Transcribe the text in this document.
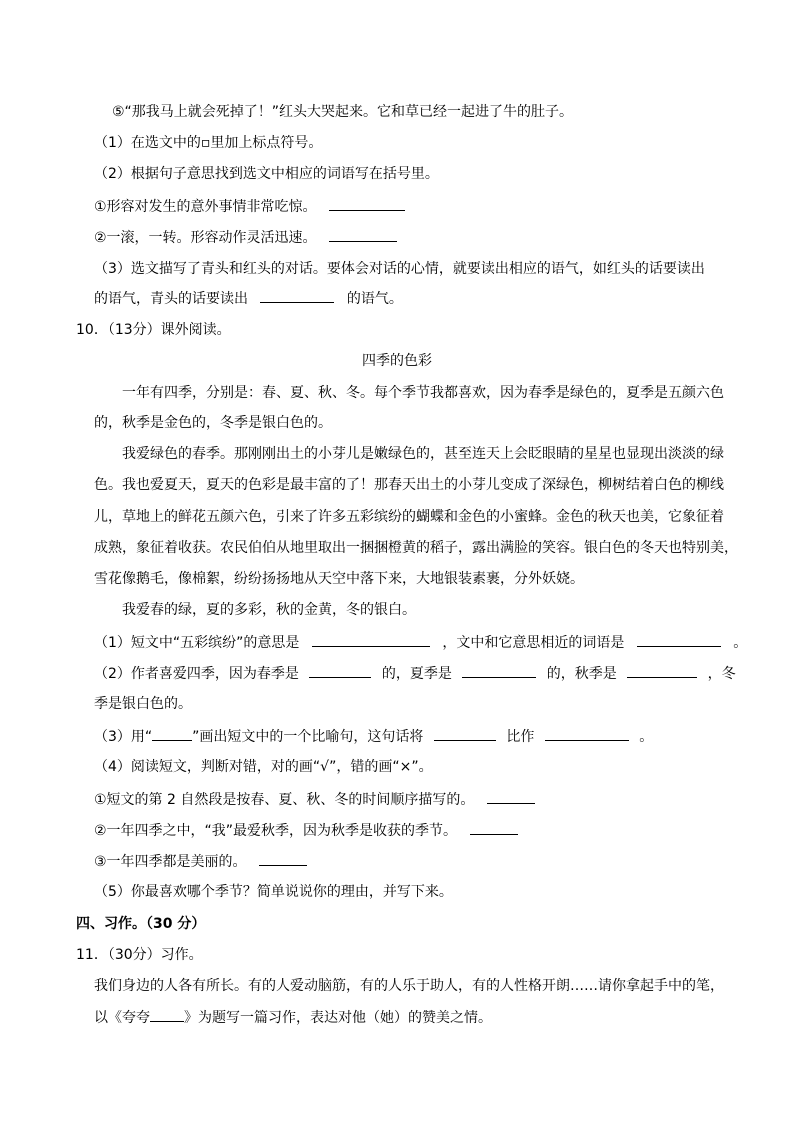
⑤“那我马上就会死掉了！”红头大哭起来。它和草已经一起进了牛的肚子。
（1）在选文中的▫里加上标点符号。
（2）根据句子意思找到选文中相应的词语写在括号里。
①形容对发生的意外事情非常吃惊。
②一滚，一转。形容动作灵活迅速。
（3）选文描写了青头和红头的对话。要体会对话的心情，就要读出相应的语气，如红头的话要读出
的语气，青头的话要读出	的语气。
10．（13分）课外阅读。
四季的色彩
一年有四季，分别是：春、夏、秋、冬。每个季节我都喜欢，因为春季是绿色的，夏季是五颜六色
的，秋季是金色的，冬季是银白色的。
我爱绿色的春季。那刚刚出土的小芽儿是嫩绿色的，甚至连天上会眨眼睛的星星也显现出淡淡的绿
色。我也爱夏天，夏天的色彩是最丰富的了！那春天出土的小芽儿变成了深绿色，柳树结着白色的柳线
儿，草地上的鲜花五颜六色，引来了许多五彩缤纷的蝴蝶和金色的小蜜蜂。金色的秋天也美，它象征着
成熟，象征着收获。农民伯伯从地里取出一捆捆橙黄的稻子，露出满脸的笑容。银白色的冬天也特别美，
雪花像鹅毛，像棉絮，纷纷扬扬地从天空中落下来，大地银装素裹，分外妖娆。
我爱春的绿，夏的多彩，秋的金黄，冬的银白。
（1）短文中“五彩缤纷”的意思是	，文中和它意思相近的词语是	。
（2）作者喜爱四季，因为春季是	的，夏季是	的，秋季是	，冬
季是银白色的。
（3）用“	”画出短文中的一个比喻句，这句话将	比作	。
（4）阅读短文，判断对错，对的画“√”，错的画“×”。
①短文的第 2 自然段是按春、夏、秋、冬的时间顺序描写的。
②一年四季之中，“我”最爱秋季，因为秋季是收获的季节。
③一年四季都是美丽的。
（5）你最喜欢哪个季节？简单说说你的理由，并写下来。
四、习作。（30 分）
11．（30分）习作。
我们身边的人各有所长。有的人爱动脑筋，有的人乐于助人，有的人性格开朗……请你拿起手中的笔，
以《夸夸 》为题写一篇习作，表达对他（她）的赞美之情。
